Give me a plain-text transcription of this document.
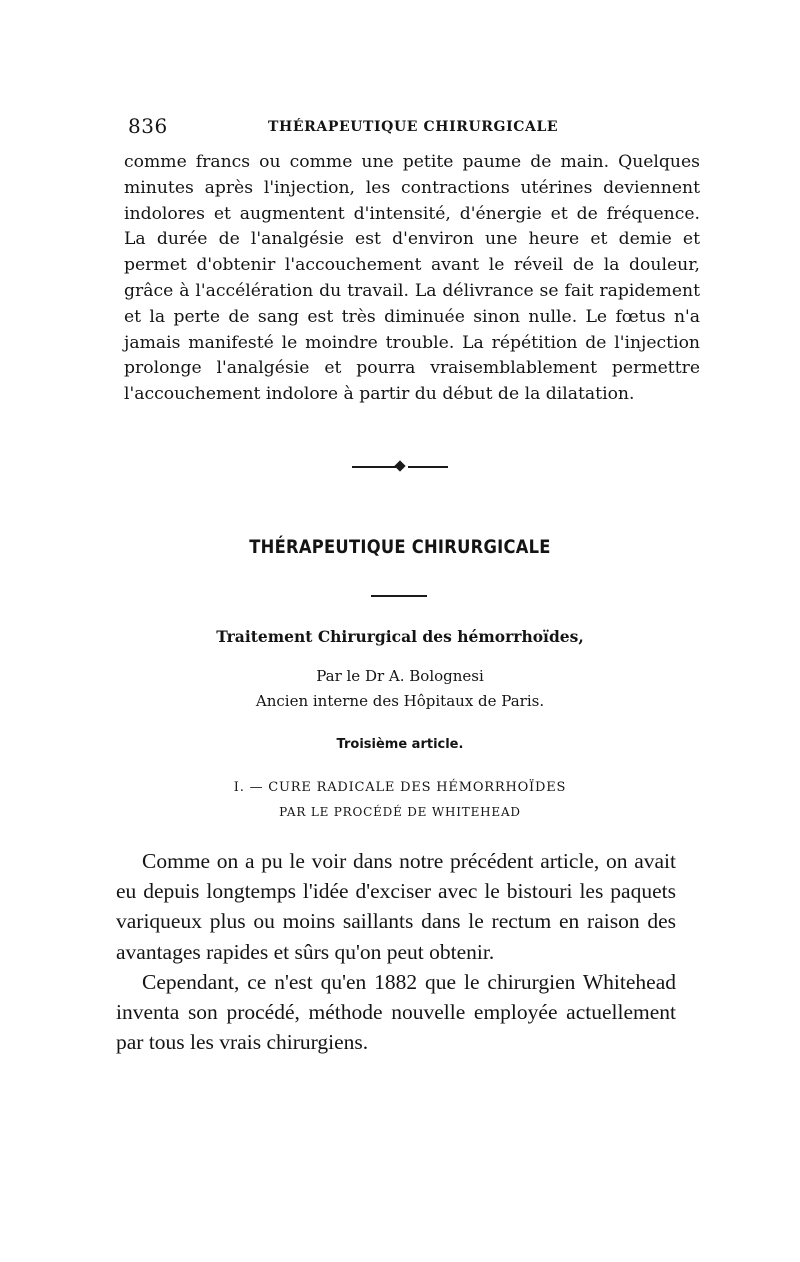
836	THÉRAPEUTIQUE CHIRURGICALE

comme francs ou comme une petite paume de main. Quelques minutes après l'injection, les contractions utérines deviennent indolores et augmentent d'intensité, d'énergie et de fréquence. La durée de l'analgésie est d'environ une heure et demie et permet d'obtenir l'accouchement avant le réveil de la douleur, grâce à l'accélération du travail. La délivrance se fait rapidement et la perte de sang est très diminuée sinon nulle. Le fœtus n'a jamais manifesté le moindre trouble. La répétition de l'injection prolonge l'analgésie et pourra vraisemblablement permettre l'accouchement indolore à partir du début de la dilatation.

THÉRAPEUTIQUE CHIRURGICALE
Traitement Chirurgical des hémorrhoïdes,
Par le Dr A. Bolognesi
Ancien interne des Hôpitaux de Paris.
Troisième article.
I. — CURE RADICALE DES HÉMORRHOÏDES
PAR LE PROCÉDÉ DE WHITEHEAD

Comme on a pu le voir dans notre précédent article, on avait eu depuis longtemps l'idée d'exciser avec le bistouri les paquets variqueux plus ou moins saillants dans le rectum en raison des avantages rapides et sûrs qu'on peut obtenir.

Cependant, ce n'est qu'en 1882 que le chirurgien Whitehead inventa son procédé, méthode nouvelle employée actuellement par tous les vrais chirurgiens.
